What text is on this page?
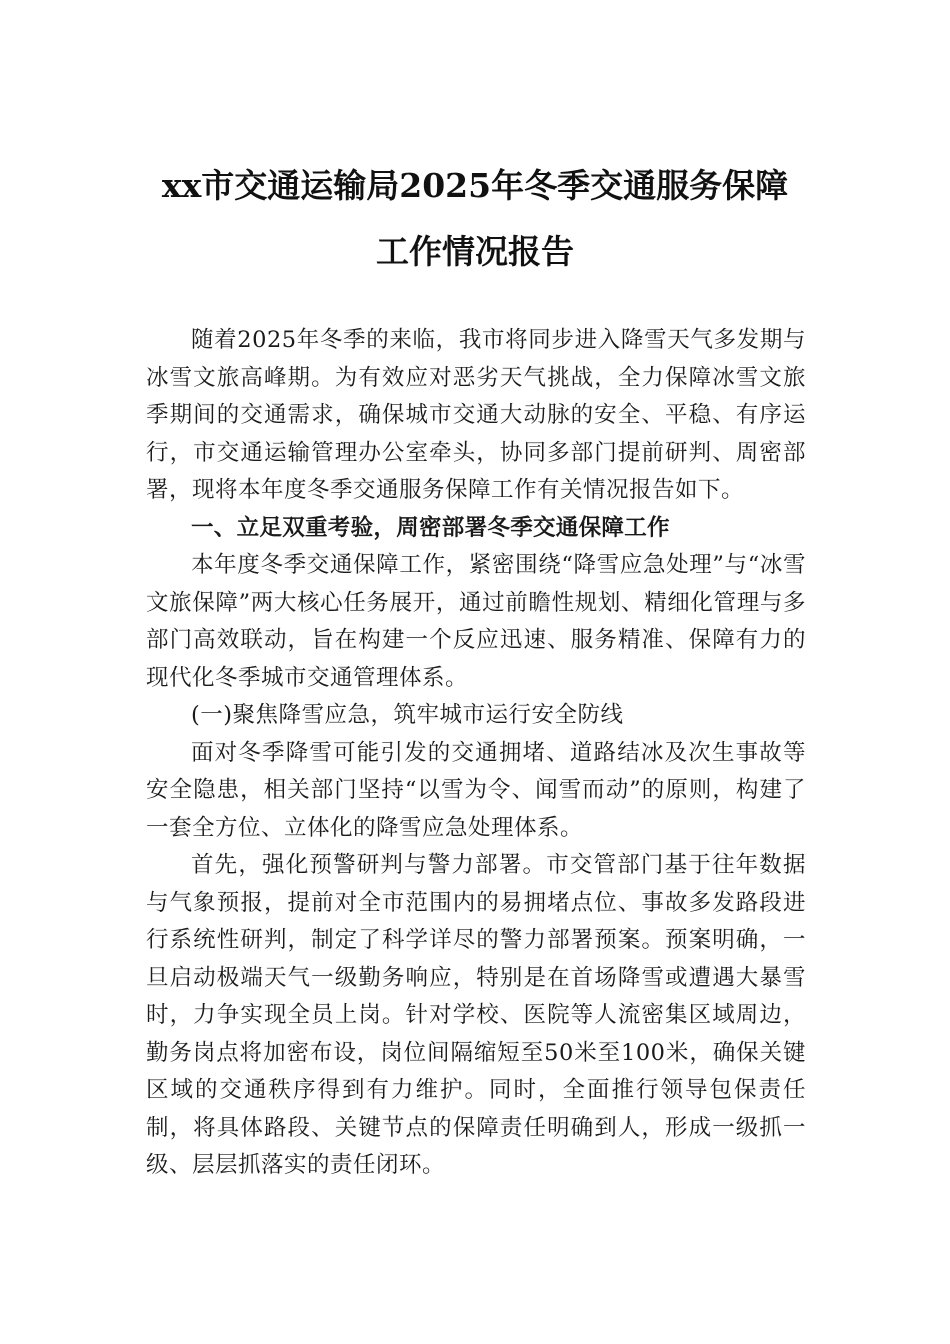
xx市交通运输局2025年冬季交通服务保障
工作情况报告

随着2025年冬季的来临，我市将同步进入降雪天气多发期与冰雪文旅高峰期。为有效应对恶劣天气挑战，全力保障冰雪文旅季期间的交通需求，确保城市交通大动脉的安全、平稳、有序运行，市交通运输管理办公室牵头，协同多部门提前研判、周密部署，现将本年度冬季交通服务保障工作有关情况报告如下。

一、立足双重考验，周密部署冬季交通保障工作

本年度冬季交通保障工作，紧密围绕“降雪应急处理”与“冰雪文旅保障”两大核心任务展开，通过前瞻性规划、精细化管理与多部门高效联动，旨在构建一个反应迅速、服务精准、保障有力的现代化冬季城市交通管理体系。

(一)聚焦降雪应急，筑牢城市运行安全防线

面对冬季降雪可能引发的交通拥堵、道路结冰及次生事故等安全隐患，相关部门坚持“以雪为令、闻雪而动”的原则，构建了一套全方位、立体化的降雪应急处理体系。

首先，强化预警研判与警力部署。市交管部门基于往年数据与气象预报，提前对全市范围内的易拥堵点位、事故多发路段进行系统性研判，制定了科学详尽的警力部署预案。预案明确，一旦启动极端天气一级勤务响应，特别是在首场降雪或遭遇大暴雪时，力争实现全员上岗。针对学校、医院等人流密集区域周边，勤务岗点将加密布设，岗位间隔缩短至50米至100米，确保关键区域的交通秩序得到有力维护。同时，全面推行领导包保责任制，将具体路段、关键节点的保障责任明确到人，形成一级抓一级、层层抓落实的责任闭环。
